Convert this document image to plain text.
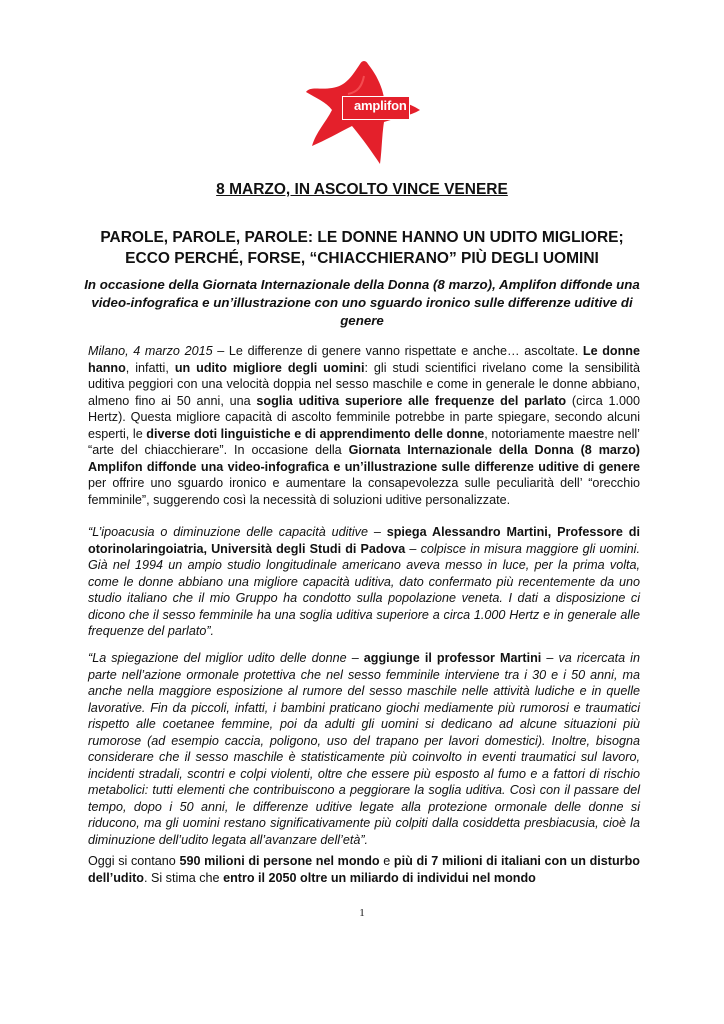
amplifon
8 MARZO, IN ASCOLTO VINCE VENERE
PAROLE, PAROLE, PAROLE: LE DONNE HANNO UN UDITO MIGLIORE;
ECCO PERCHÉ, FORSE, “CHIACCHIERANO” PIÙ DEGLI UOMINI
In occasione della Giornata Internazionale della Donna (8 marzo), Amplifon diffonde una video-infografica e un’illustrazione con uno sguardo ironico sulle differenze uditive di genere

Milano, 4 marzo 2015 – Le differenze di genere vanno rispettate e anche… ascoltate. Le donne hanno, infatti, un udito migliore degli uomini: gli studi scientifici rivelano come la sensibilità uditiva peggiori con una velocità doppia nel sesso maschile e come in generale le donne abbiano, almeno fino ai 50 anni, una soglia uditiva superiore alle frequenze del parlato (circa 1.000 Hertz). Questa migliore capacità di ascolto femminile potrebbe in parte spiegare, secondo alcuni esperti, le diverse doti linguistiche e di apprendimento delle donne, notoriamente maestre nell’ “arte del chiacchierare”. In occasione della Giornata Internazionale della Donna (8 marzo) Amplifon diffonde una video-infografica e un’illustrazione sulle differenze uditive di genere per offrire uno sguardo ironico e aumentare la consapevolezza sulle peculiarità dell’ “orecchio femminile”, suggerendo così la necessità di soluzioni uditive personalizzate.

“L’ipoacusia o diminuzione delle capacità uditive – spiega Alessandro Martini, Professore di otorinolaringoiatria, Università degli Studi di Padova – colpisce in misura maggiore gli uomini. Già nel 1994 un ampio studio longitudinale americano aveva messo in luce, per la prima volta, come le donne abbiano una migliore capacità uditiva, dato confermato più recentemente da uno studio italiano che il mio Gruppo ha condotto sulla popolazione veneta. I dati a disposizione ci dicono che il sesso femminile ha una soglia uditiva superiore a circa 1.000 Hertz e in generale alle frequenze del parlato”.

“La spiegazione del miglior udito delle donne – aggiunge il professor Martini – va ricercata in parte nell’azione ormonale protettiva che nel sesso femminile interviene tra i 30 e i 50 anni, ma anche nella maggiore esposizione al rumore del sesso maschile nelle attività ludiche e in quelle lavorative. Fin da piccoli, infatti, i bambini praticano giochi mediamente più rumorosi e traumatici rispetto alle coetanee femmine, poi da adulti gli uomini si dedicano ad alcune situazioni più rumorose (ad esempio caccia, poligono, uso del trapano per lavori domestici). Inoltre, bisogna considerare che il sesso maschile è statisticamente più coinvolto in eventi traumatici sul lavoro, incidenti stradali, scontri e colpi violenti, oltre che essere più esposto al fumo e a fattori di rischio metabolici: tutti elementi che contribuiscono a peggiorare la soglia uditiva. Così con il passare del tempo, dopo i 50 anni, le differenze uditive legate alla protezione ormonale delle donne si riducono, ma gli uomini restano significativamente più colpiti dalla cosiddetta presbiacusia, cioè la diminuzione dell’udito legata all’avanzare dell’età”.

Oggi si contano 590 milioni di persone nel mondo e più di 7 milioni di italiani con un disturbo dell’udito. Si stima che entro il 2050 oltre un miliardo di individui nel mondo

1
